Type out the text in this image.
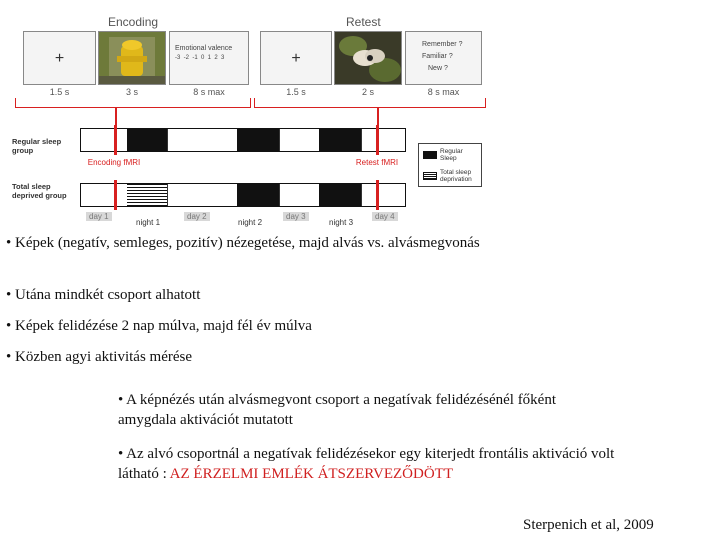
Encoding	Retest
+
Emotional valence
-3  -2  -1  0  1  2  3	+
Remember ?
Familiar ?
New ?
1.5 s	3 s	8 s max	1.5 s	2 s	8 s max
Regular sleep group
Total sleep deprived group
Encoding fMRI	Retest fMRI
day 1
night 1
day 2
night 2
day 3
night 3
day 4
Regular Sleep
Total sleep deprivation
• Képek (negatív, semleges, pozitív) nézegetése, majd alvás vs. alvásmegvonás
• Utána mindkét csoport alhatott
• Képek felidézése 2 nap múlva, majd fél év múlva
• Közben agyi aktivitás mérése
• A képnézés után alvásmegvont csoport a negatívak felidézésénél főként amygdala aktivációt mutatott
• Az alvó csoportnál a negatívak felidézésekor egy kiterjedt frontális aktiváció volt látható : AZ ÉRZELMI EMLÉK ÁTSZERVEZŐDÖTT
Sterpenich et al, 2009
